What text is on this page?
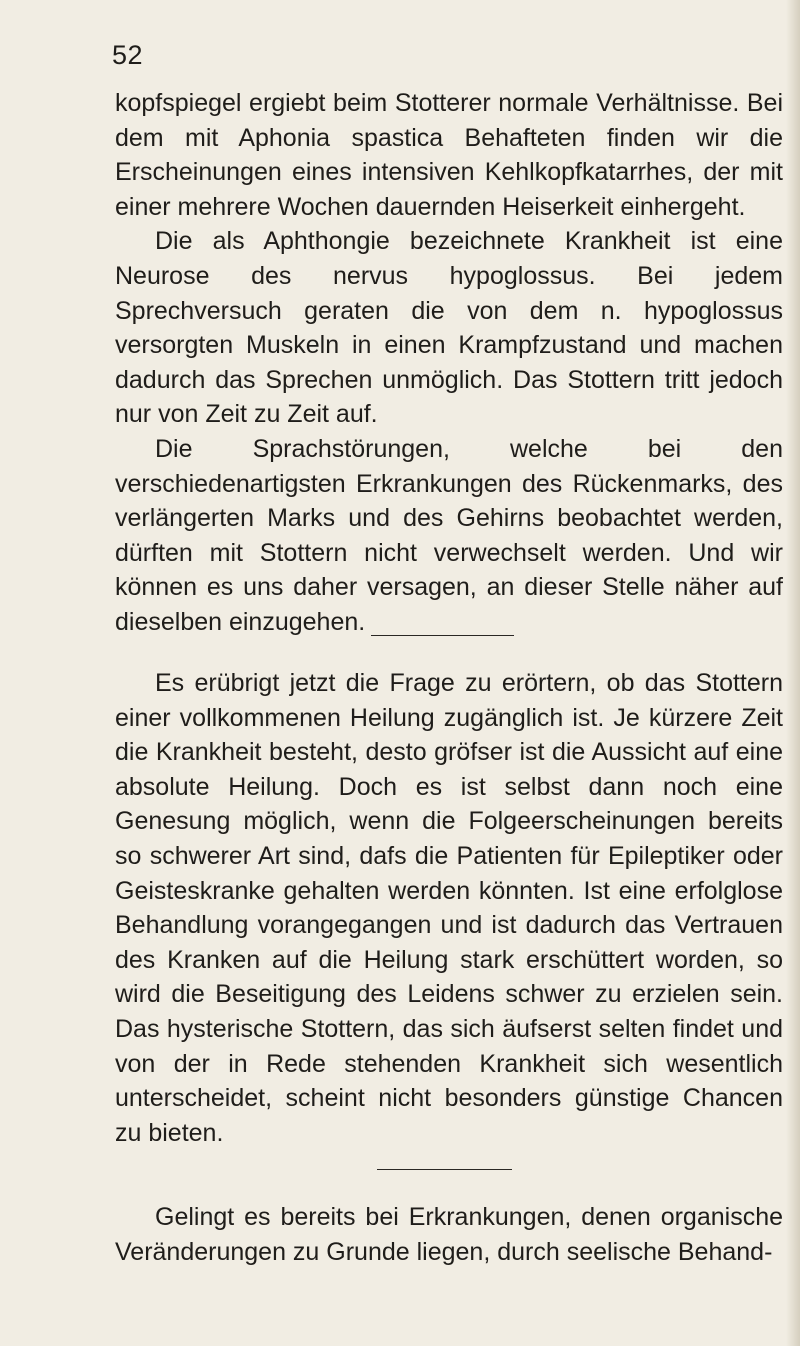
52

kopfspiegel ergiebt beim Stotterer normale Verhältnisse. Bei dem mit Aphonia spastica Behafteten finden wir die Erscheinungen eines intensiven Kehlkopfkatarrhes, der mit einer mehrere Wochen dauernden Heiserkeit einhergeht.

Die als Aphthongie bezeichnete Krankheit ist eine Neurose des nervus hypoglossus. Bei jedem Sprechversuch geraten die von dem n. hypoglossus versorgten Muskeln in einen Krampfzustand und machen dadurch das Sprechen unmöglich. Das Stottern tritt jedoch nur von Zeit zu Zeit auf.

Die Sprachstörungen, welche bei den verschiedenartigsten Erkrankungen des Rückenmarks, des verlängerten Marks und des Gehirns beobachtet werden, dürften mit Stottern nicht verwechselt werden. Und wir können es uns daher versagen, an dieser Stelle näher auf dieselben einzugehen.

Es erübrigt jetzt die Frage zu erörtern, ob das Stottern einer vollkommenen Heilung zugänglich ist. Je kürzere Zeit die Krankheit besteht, desto gröfser ist die Aussicht auf eine absolute Heilung. Doch es ist selbst dann noch eine Genesung möglich, wenn die Folgeerscheinungen bereits so schwerer Art sind, dafs die Patienten für Epileptiker oder Geisteskranke gehalten werden könnten. Ist eine erfolglose Behandlung vorangegangen und ist dadurch das Vertrauen des Kranken auf die Heilung stark erschüttert worden, so wird die Beseitigung des Leidens schwer zu erzielen sein. Das hysterische Stottern, das sich äufserst selten findet und von der in Rede stehenden Krankheit sich wesentlich unterscheidet, scheint nicht besonders günstige Chancen zu bieten.

Gelingt es bereits bei Erkrankungen, denen organische Veränderungen zu Grunde liegen, durch seelische Behand-
